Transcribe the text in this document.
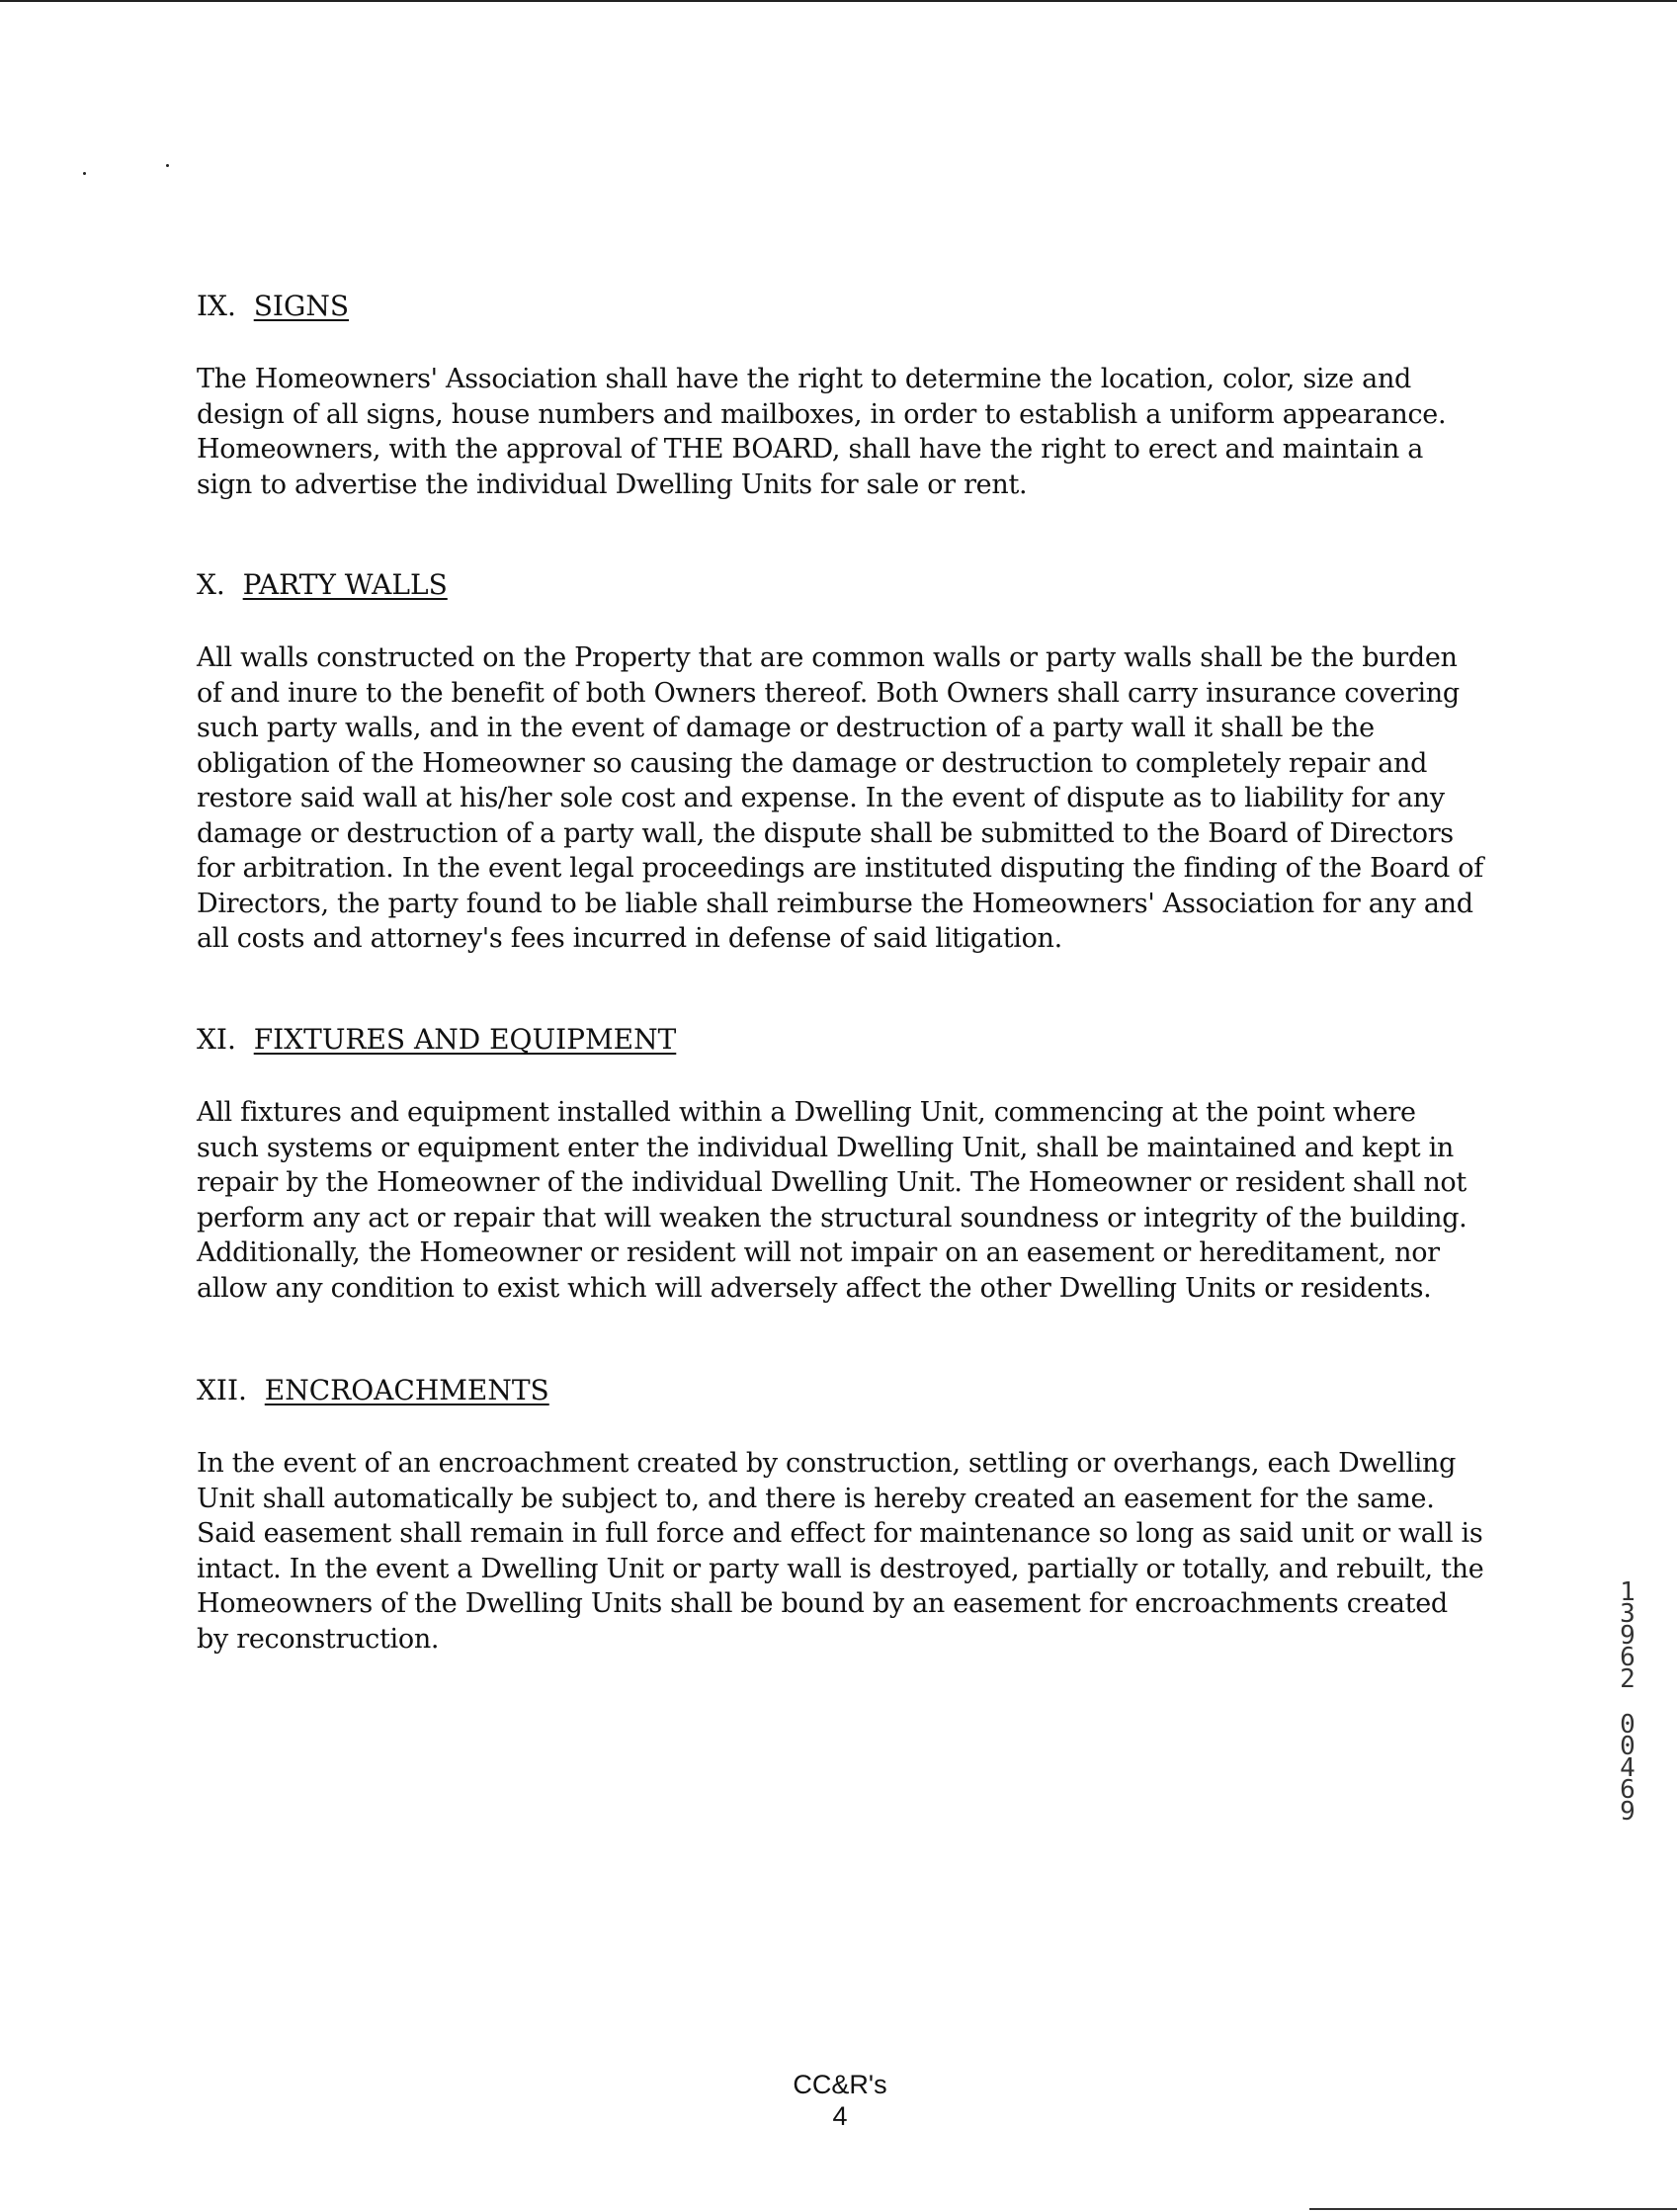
IX. SIGNS

The Homeowners' Association shall have the right to determine the location, color, size and
design of all signs, house numbers and mailboxes, in order to establish a uniform appearance.
Homeowners, with the approval of THE BOARD, shall have the right to erect and maintain a
sign to advertise the individual Dwelling Units for sale or rent.

X. PARTY WALLS

All walls constructed on the Property that are common walls or party walls shall be the burden
of and inure to the benefit of both Owners thereof. Both Owners shall carry insurance covering
such party walls, and in the event of damage or destruction of a party wall it shall be the
obligation of the Homeowner so causing the damage or destruction to completely repair and
restore said wall at his/her sole cost and expense. In the event of dispute as to liability for any
damage or destruction of a party wall, the dispute shall be submitted to the Board of Directors
for arbitration. In the event legal proceedings are instituted disputing the finding of the Board of
Directors, the party found to be liable shall reimburse the Homeowners' Association for any and
all costs and attorney's fees incurred in defense of said litigation.

XI. FIXTURES AND EQUIPMENT

All fixtures and equipment installed within a Dwelling Unit, commencing at the point where
such systems or equipment enter the individual Dwelling Unit, shall be maintained and kept in
repair by the Homeowner of the individual Dwelling Unit. The Homeowner or resident shall not
perform any act or repair that will weaken the structural soundness or integrity of the building.
Additionally, the Homeowner or resident will not impair on an easement or hereditament, nor
allow any condition to exist which will adversely affect the other Dwelling Units or residents.

XII. ENCROACHMENTS

In the event of an encroachment created by construction, settling or overhangs, each Dwelling
Unit shall automatically be subject to, and there is hereby created an easement for the same.
Said easement shall remain in full force and effect for maintenance so long as said unit or wall is
intact. In the event a Dwelling Unit or party wall is destroyed, partially or totally, and rebuilt, the
Homeowners of the Dwelling Units shall be bound by an easement for encroachments created
by reconstruction.

1
3
9
6
2
0
0
4
6
9
CC&R's
4
